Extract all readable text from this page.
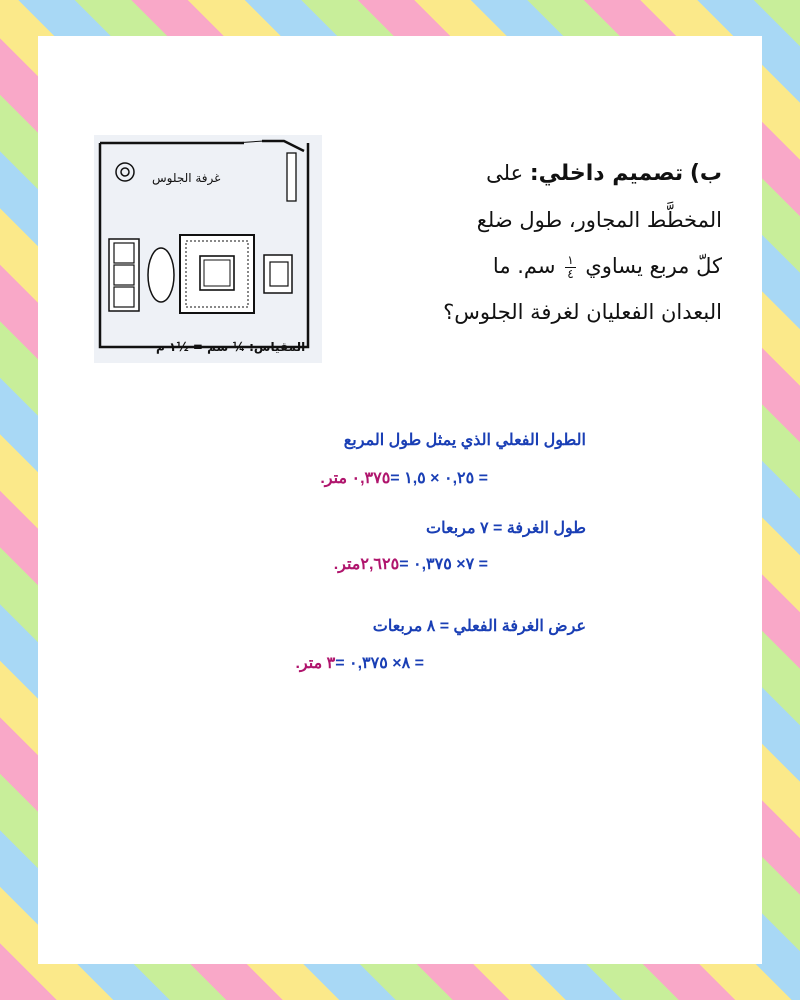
ب) تصميم داخلي: على
المخطَّط المجاور، طول ضلع
كلّ مربع يساوي
$\frac{١}{٤}$
سم. ما
البعدان الفعليان لغرفة الجلوس؟
غرفة الجلوس
المقياس: ¼ سم = ½١ م
الطول الفعلي الذي يمثل طول المربع
= ٠,٢٥ × ١,٥ =٠,٣٧٥ متر.
طول الغرفة = ٧ مربعات
= ٧× ٠,٣٧٥ =٢,٦٢٥متر.
عرض الغرفة الفعلي = ٨ مربعات
= ٨× ٠,٣٧٥ =٣ متر.
